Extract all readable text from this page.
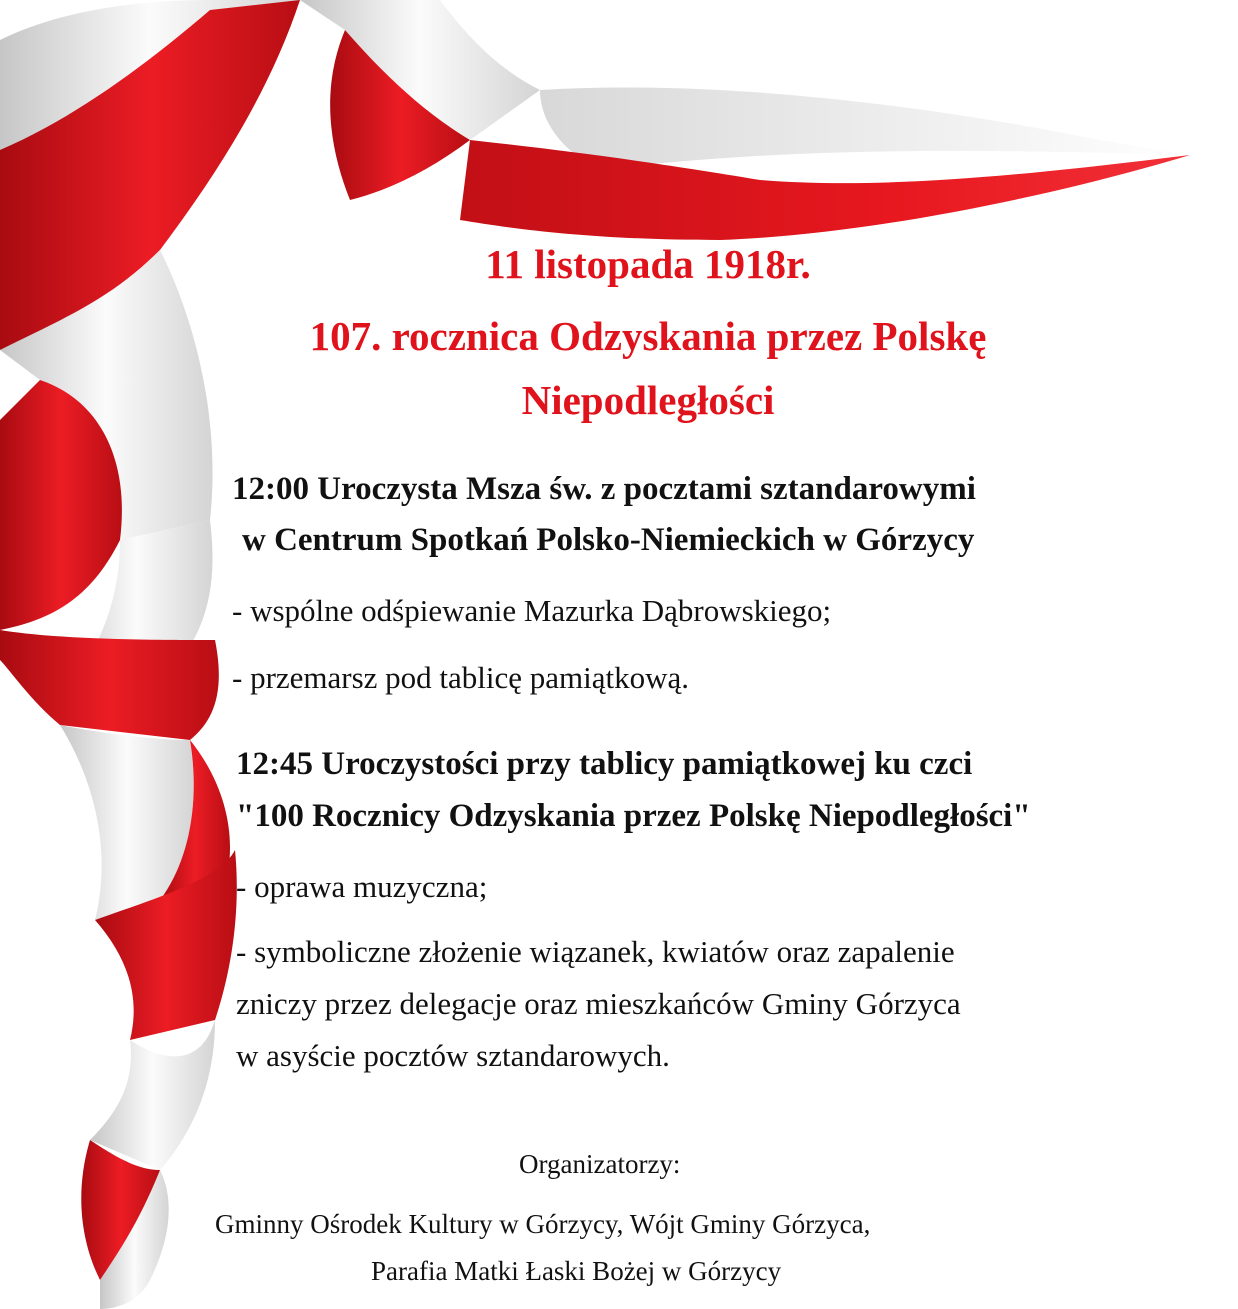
11 listopada 1918r.
107. rocznica Odzyskania przez Polskę
Niepodległości
12:00 Uroczysta Msza św. z pocztami sztandarowymi
w Centrum Spotkań Polsko-Niemieckich w Górzycy
- wspólne odśpiewanie Mazurka Dąbrowskiego;
- przemarsz pod tablicę pamiątkową.
12:45 Uroczystości przy tablicy pamiątkowej ku czci
"100 Rocznicy Odzyskania przez Polskę Niepodległości"
- oprawa muzyczna;
- symboliczne złożenie wiązanek, kwiatów oraz zapalenie
zniczy przez delegacje oraz mieszkańców Gminy Górzyca
w asyście pocztów sztandarowych.
Organizatorzy:
Gminny Ośrodek Kultury w Górzycy, Wójt Gminy Górzyca,
Parafia Matki Łaski Bożej w Górzycy
